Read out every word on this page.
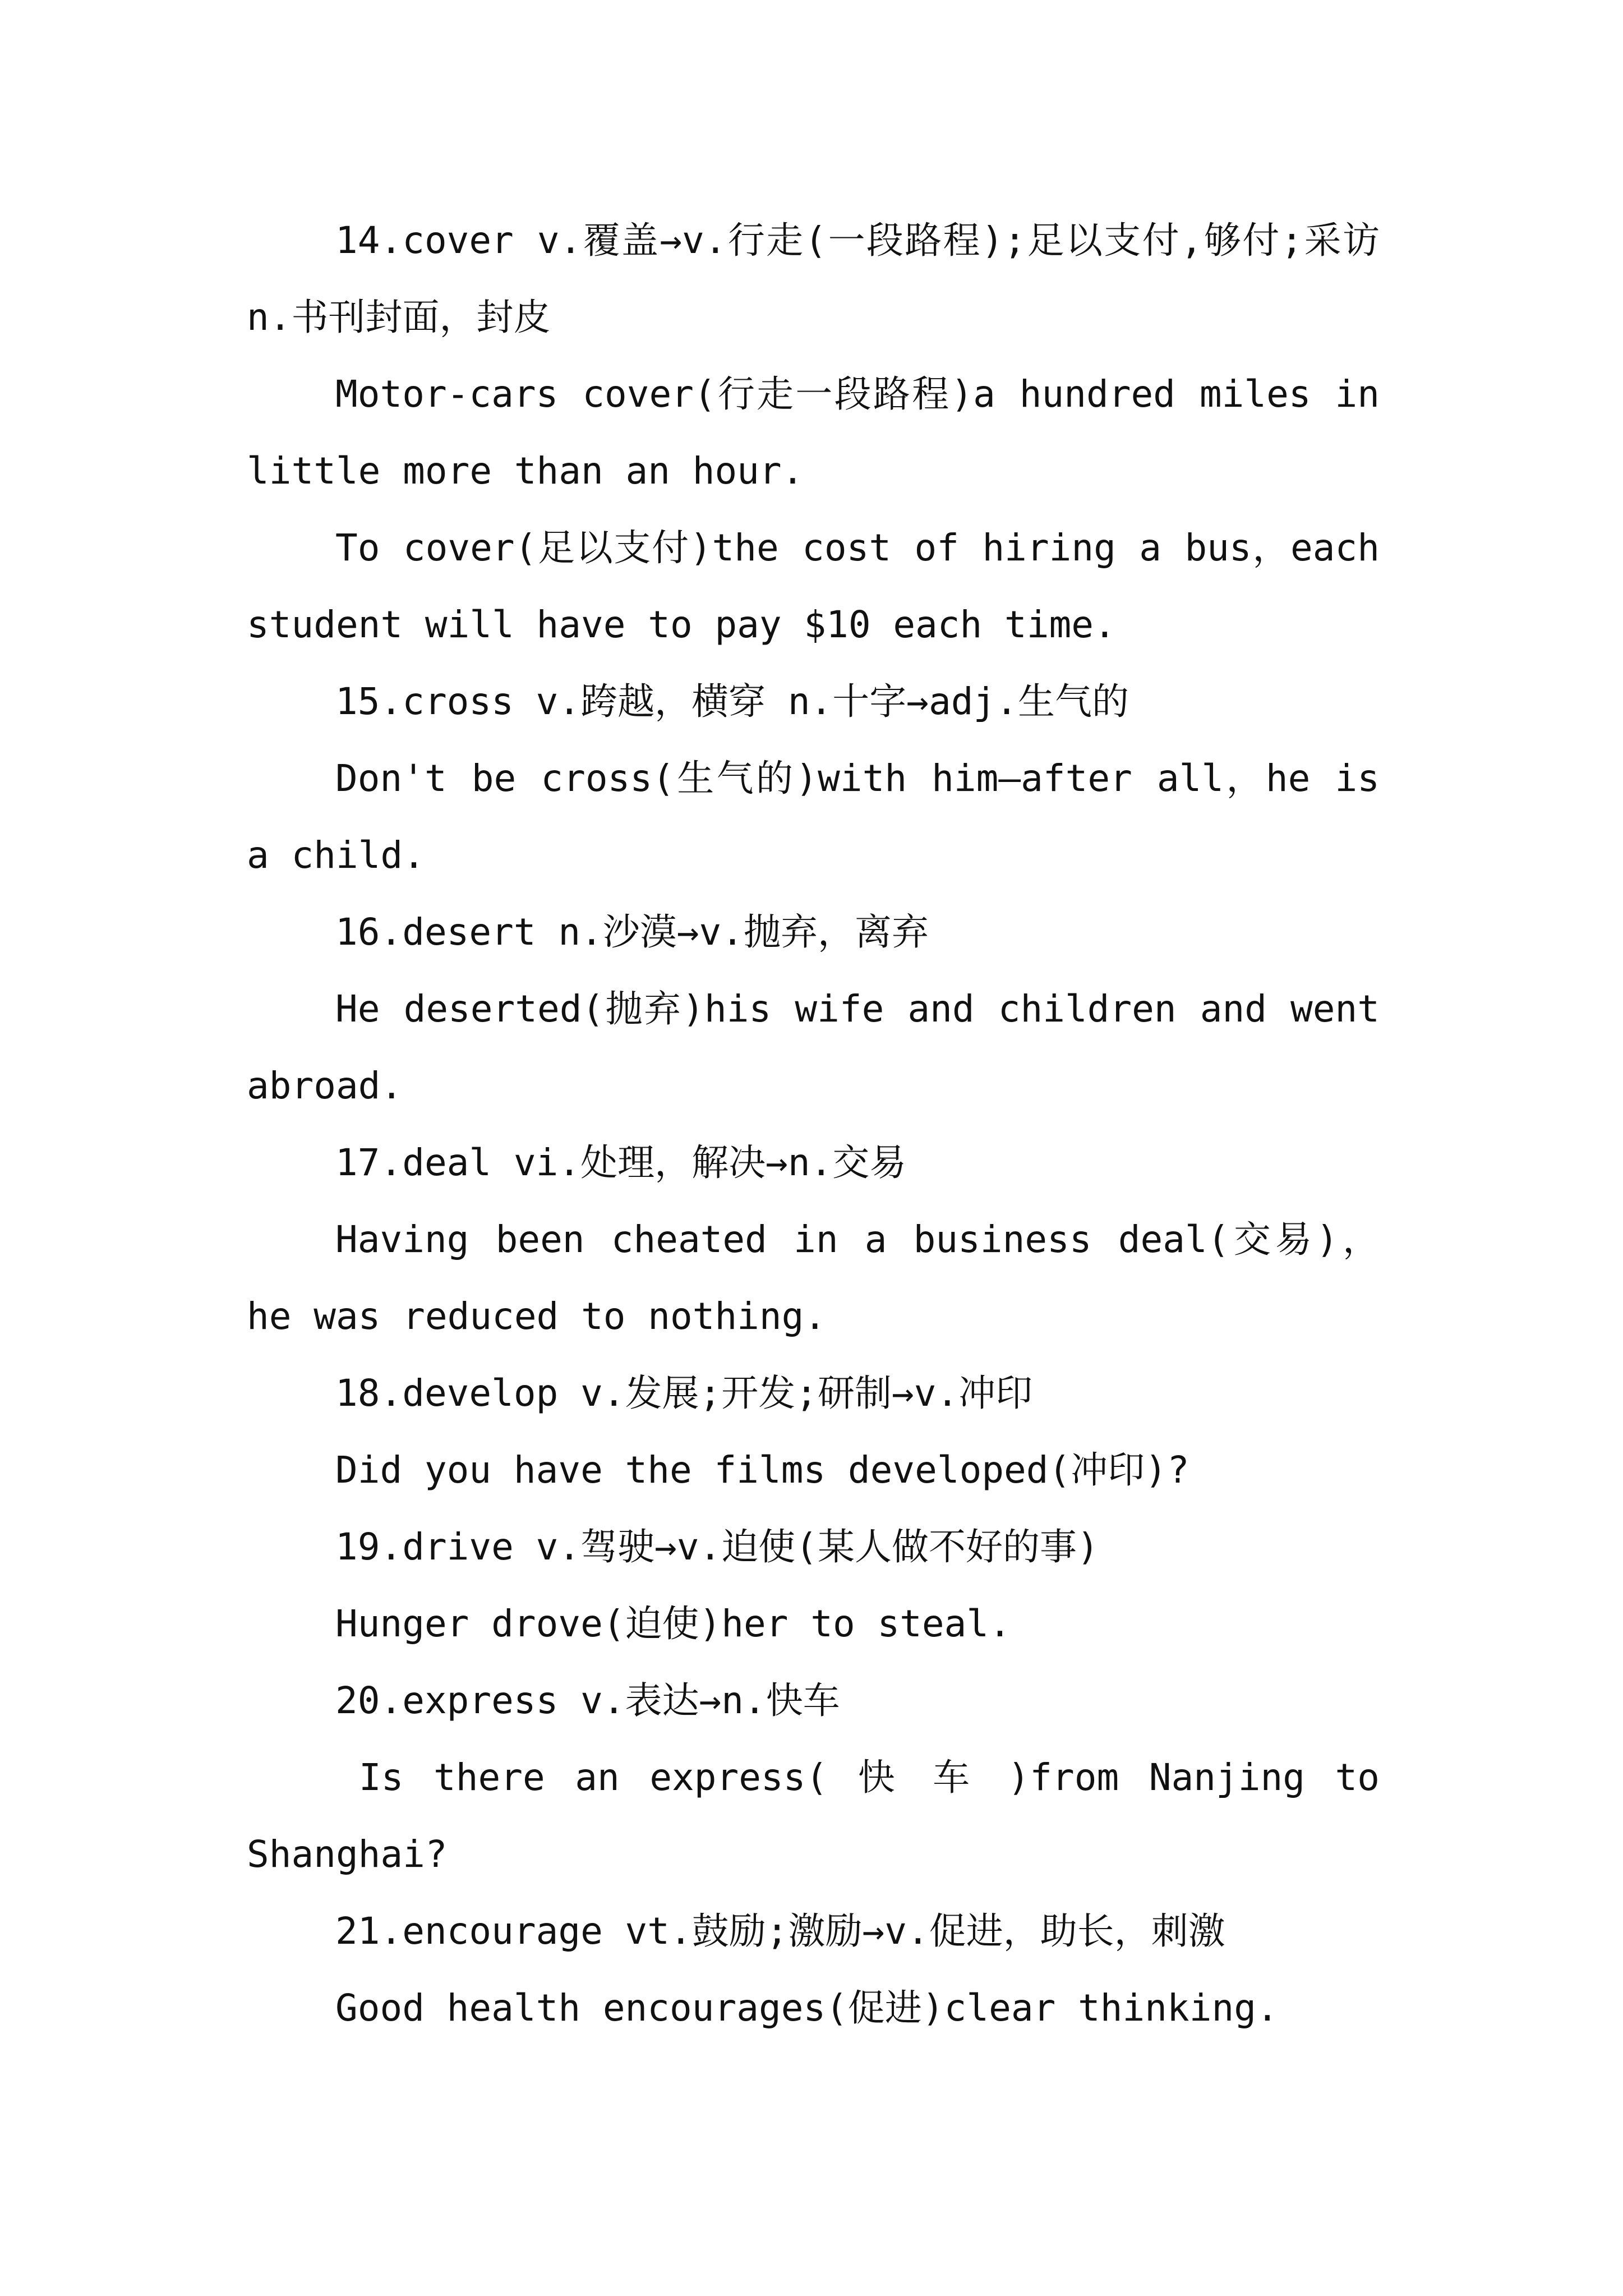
14.cover v.覆盖→v.行走(一段路程);足以支付,够付;采访 n.书刊封面，封皮

Motor-cars cover(行走一段路程)a hundred miles in little more than an hour.

To cover(足以支付)the cost of hiring a bus，each student will have to pay $10 each time.

15.cross v.跨越，横穿 n.十字→adj.生气的

Don't be cross(生气的)with him—after all，he is a child.

16.desert n.沙漠→v.抛弃，离弃

He deserted(抛弃)his wife and children and went abroad.

17.deal vi.处理，解决→n.交易

Having been cheated in a business deal(交易)，he was reduced to nothing.

18.develop v.发展;开发;研制→v.冲印

Did you have the films developed(冲印)?

19.drive v.驾驶→v.迫使(某人做不好的事)

Hunger drove(迫使)her to steal.

20.express v.表达→n.快车

Is there an express( 快 车 )from Nanjing to Shanghai?

21.encourage vt.鼓励;激励→v.促进，助长，刺激

Good health encourages(促进)clear thinking.
